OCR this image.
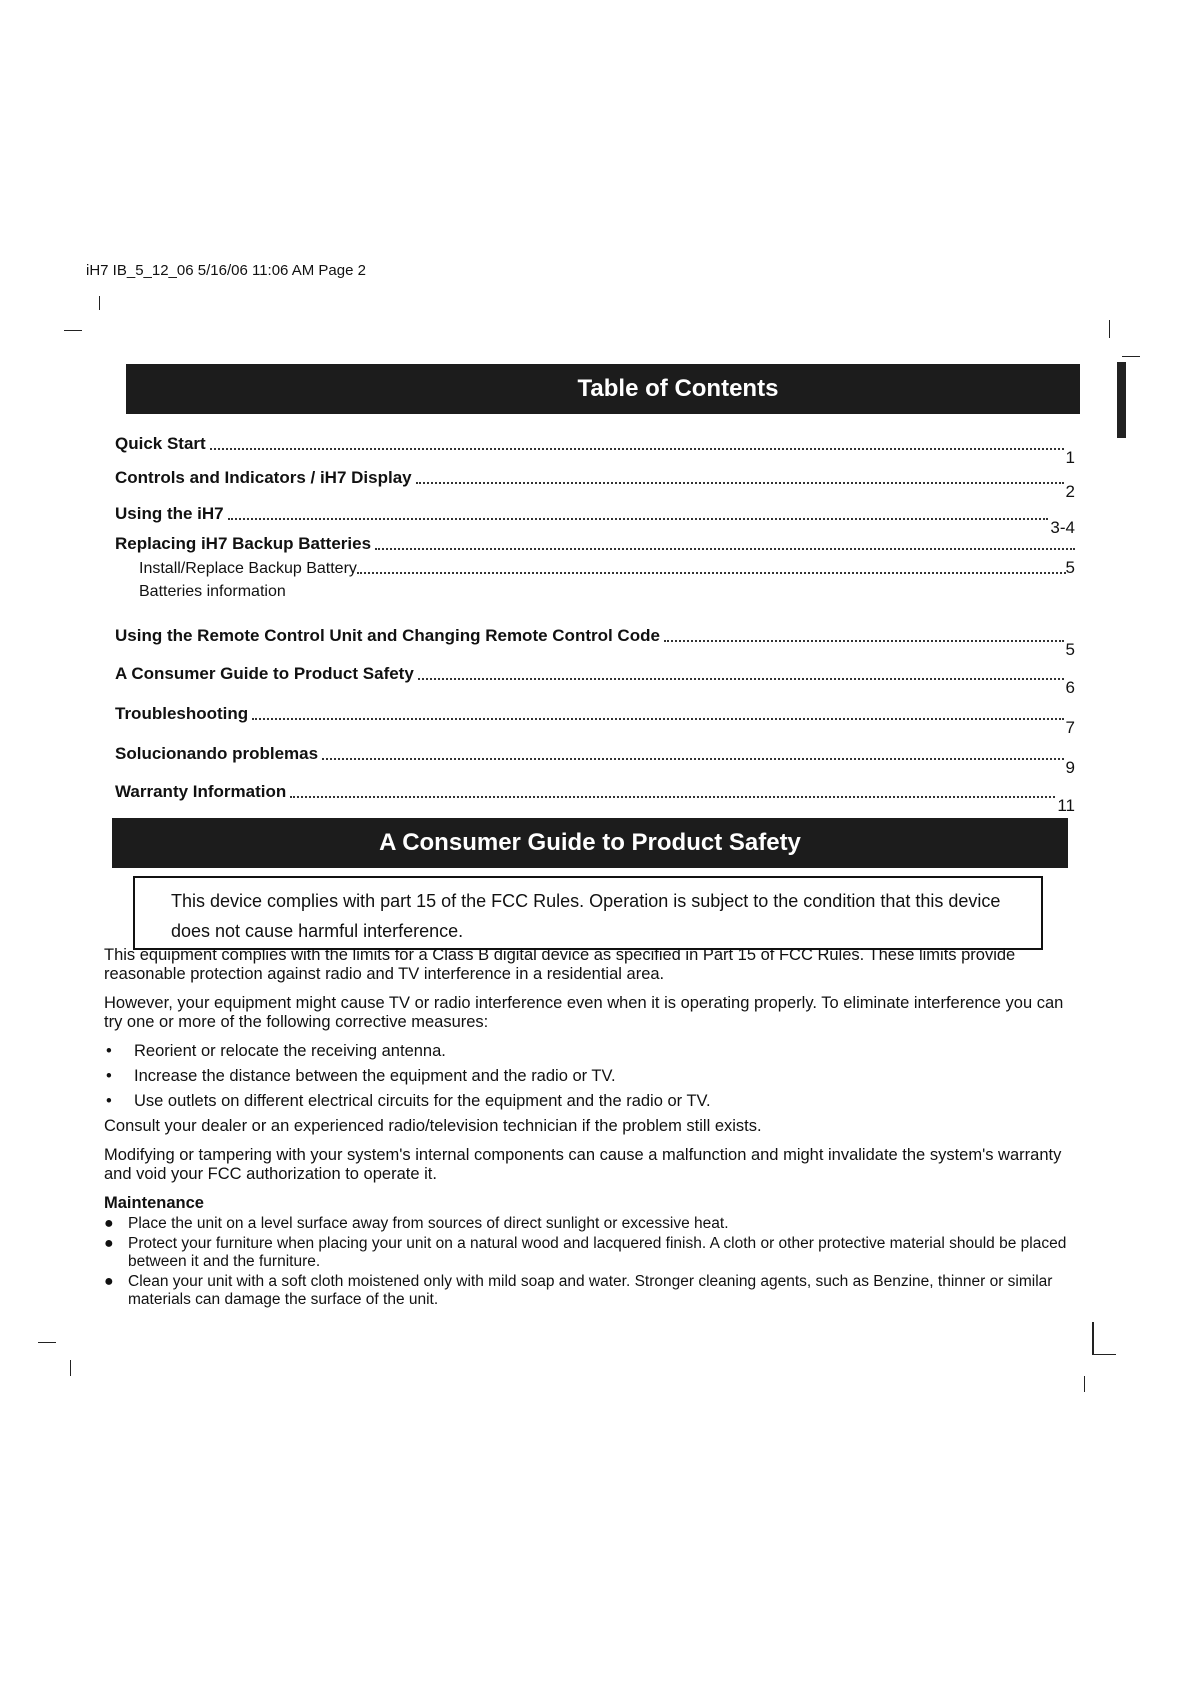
iH7 IB_5_12_06 5/16/06 11:06 AM Page 2
Table of Contents
Quick Start
1
Controls and Indicators / iH7 Display
2
Using the iH7
3-4
Replacing iH7 Backup Batteries
Install/Replace Backup Battery	5
Batteries information
Using the Remote Control Unit and Changing Remote Control Code
5
A Consumer Guide to Product Safety
6
Troubleshooting
7
Solucionando problemas
9
Warranty Information
11
A Consumer Guide to Product Safety

This device complies with part 15 of the FCC Rules. Operation is subject to the condition that this device does not cause harmful interference.

This equipment complies with the limits for a Class B digital device as specified in Part 15 of FCC Rules. These limits provide reasonable protection against radio and TV interference in a residential area.

However, your equipment might cause TV or radio interference even when it is operating properly. To eliminate interference you can try one or more of the following corrective measures:

• Reorient or relocate the receiving antenna.
• Increase the distance between the equipment and the radio or TV.
• Use outlets on different electrical circuits for the equipment and the radio or TV.

Consult your dealer or an experienced radio/television technician if the problem still exists.

Modifying or tampering with your system's internal components can cause a malfunction and might invalidate the system's warranty and void your FCC authorization to operate it.

Maintenance
● Place the unit on a level surface away from sources of direct sunlight or excessive heat.
● Protect your furniture when placing your unit on a natural wood and lacquered finish. A cloth or other protective material should be placed between it and the furniture.
● Clean your unit with a soft cloth moistened only with mild soap and water. Stronger cleaning agents, such as Benzine, thinner or similar materials can damage the surface of the unit.
